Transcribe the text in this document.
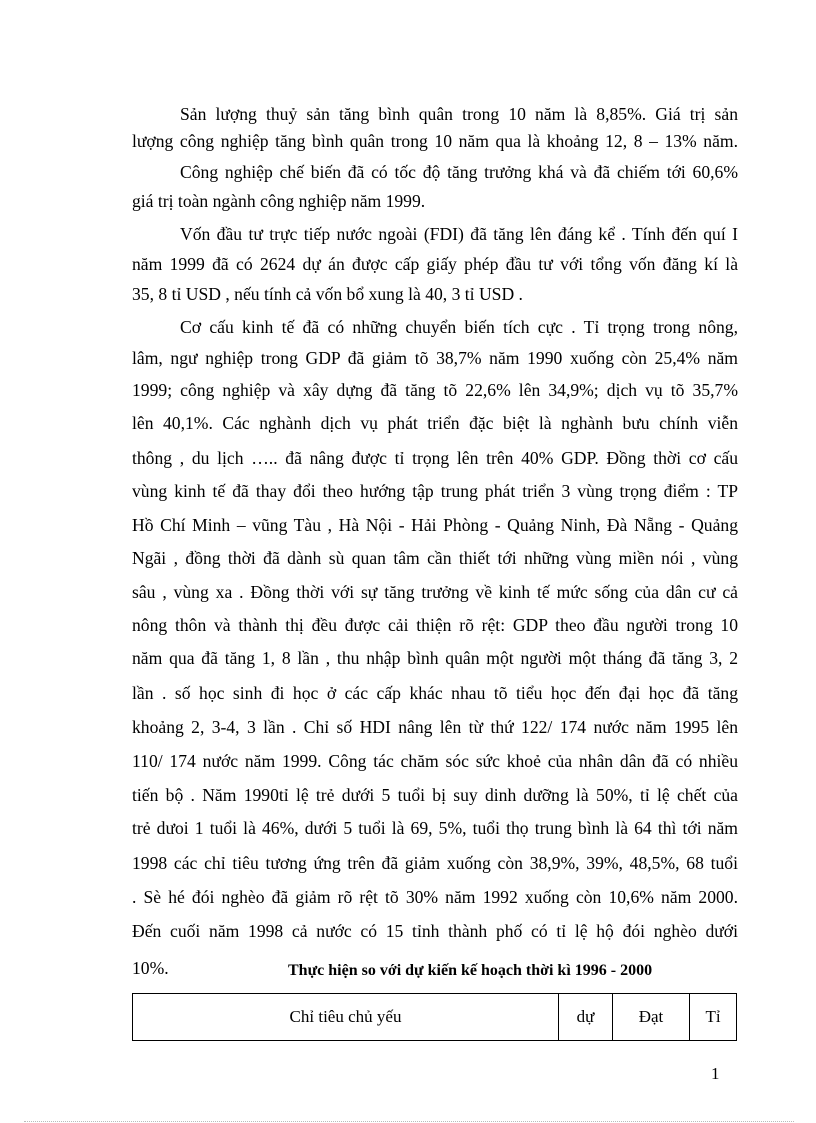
Sản lượng thuỷ sản tăng bình quân trong 10 năm là 8,85%. Giá trị sản
lượng công nghiệp tăng bình quân trong 10 năm qua là khoảng 12, 8 – 13% năm.
Công nghiệp chế biến đã có tốc độ tăng trưởng khá và đã chiếm tới 60,6%
giá trị toàn ngành công nghiệp năm 1999.
Vốn đầu tư trực tiếp nước ngoài (FDI) đã tăng lên đáng kể . Tính đến quí I
năm 1999 đã có 2624 dự án được cấp giấy phép đầu tư với tổng vốn đăng kí là
35, 8 tỉ USD , nếu tính cả vốn bổ xung là 40, 3 tỉ USD .
Cơ cấu kinh tế đã có những chuyển biến tích cực . Tỉ trọng trong nông,
lâm, ngư nghiệp trong GDP đã giảm tõ 38,7% năm 1990 xuống còn 25,4% năm
1999; công nghiệp và xây dựng đã tăng tõ 22,6% lên 34,9%; dịch vụ tõ 35,7%
lên 40,1%. Các nghành dịch vụ phát triển đặc biệt là nghành bưu chính viễn
thông , du lịch ….. đã nâng được tỉ trọng lên trên 40% GDP. Đồng thời cơ cấu
vùng kinh tế đã thay đổi theo hướng tập trung phát triển 3 vùng trọng điểm : TP
Hồ Chí Minh – vũng Tàu , Hà Nội - Hải Phòng - Quảng Ninh, Đà Nẵng - Quảng
Ngãi , đồng thời đã dành sù quan tâm cần thiết tới những vùng miền nói , vùng
sâu , vùng xa . Đồng thời với sự tăng trưởng về kinh tế mức sống của dân cư cả
nông thôn và thành thị đều được cải thiện rõ rệt: GDP theo đầu người trong 10
năm qua đã tăng 1, 8 lần , thu nhập bình quân một người một tháng đã tăng 3, 2
lần . số học sinh đi học ở các cấp khác nhau tõ tiểu học đến đại học đã tăng
khoảng 2, 3-4, 3 lần . Chỉ số HDI nâng lên từ thứ 122/ 174 nước năm 1995 lên
110/ 174 nước năm 1999. Công tác chăm sóc sức khoẻ của nhân dân đã có nhiều
tiến bộ . Năm 1990tỉ lệ trẻ dưới 5 tuổi bị suy dinh dưỡng là 50%, tỉ lệ chết của
trẻ dưoi 1 tuổi là 46%, dưới 5 tuổi là 69, 5%, tuổi thọ trung bình là 64 thì tới năm
1998 các chỉ tiêu tương ứng trên đã giảm xuống còn 38,9%, 39%, 48,5%, 68 tuổi
. Sè hé đói nghèo đã giảm rõ rệt tõ 30% năm 1992 xuống còn 10,6% năm 2000.
Đến cuối năm 1998 cả nước có 15 tỉnh thành phố có tỉ lệ hộ đói nghèo dưới
10%.	Thực hiện so với dự kiến kế hoạch thời kì 1996 - 2000
Chỉ tiêu chủ yếu	dự	Đạt	Tỉ
1
